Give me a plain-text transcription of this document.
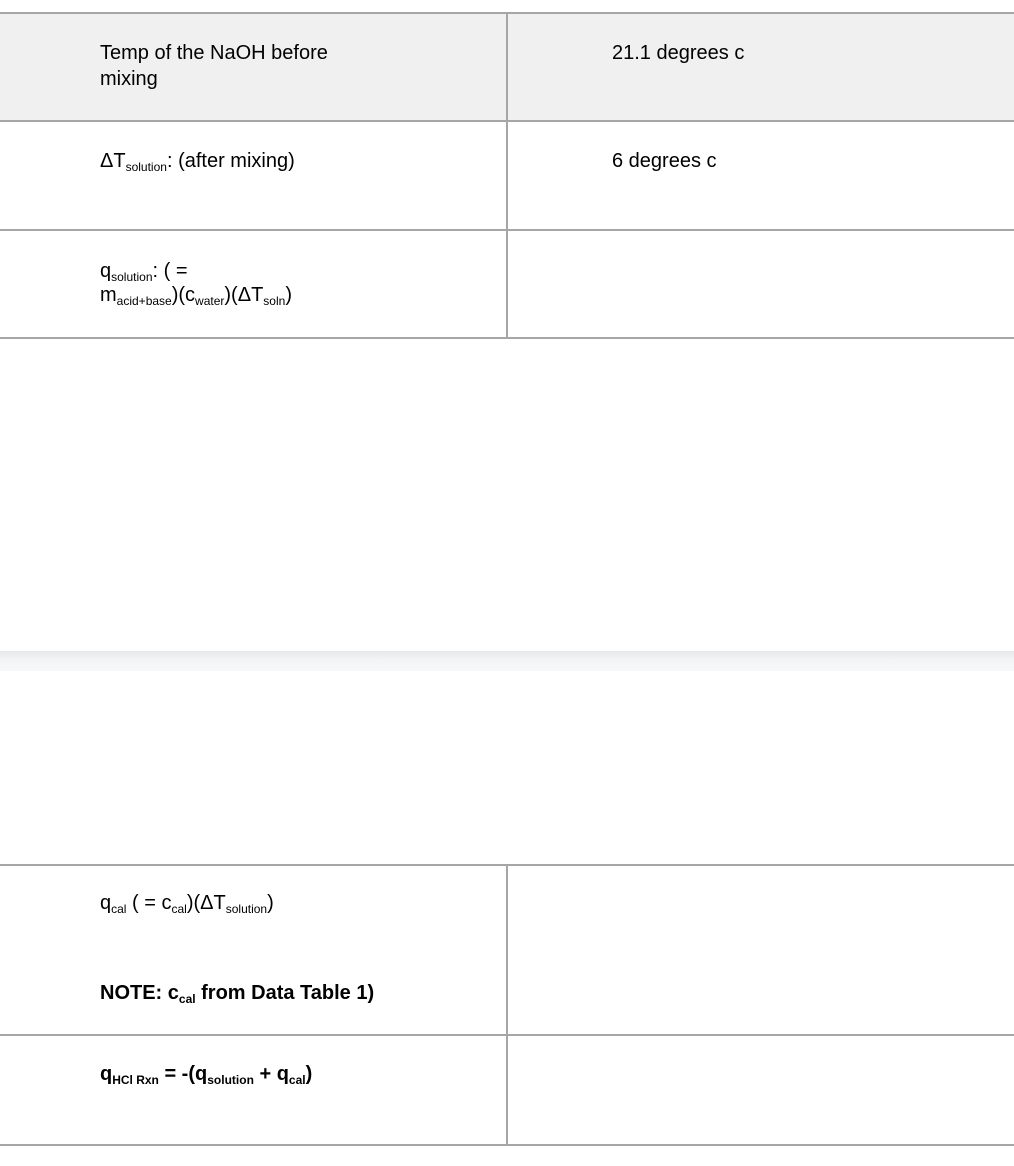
Temp of the NaOH before mixing
21.1 degrees c
$\Delta T_{solution}$: (after mixing)	6 degrees c
$q_{solution}$: ( =
$m_{acid+base})(c_{water})(\Delta T_{soln})$
$q_{cal}$ ( = $c_{cal})(\Delta T_{solution})$
NOTE: $c_{cal}$ from Data Table 1)
$q_{HCl Rxn} = -(q_{solution} + q_{cal})$
